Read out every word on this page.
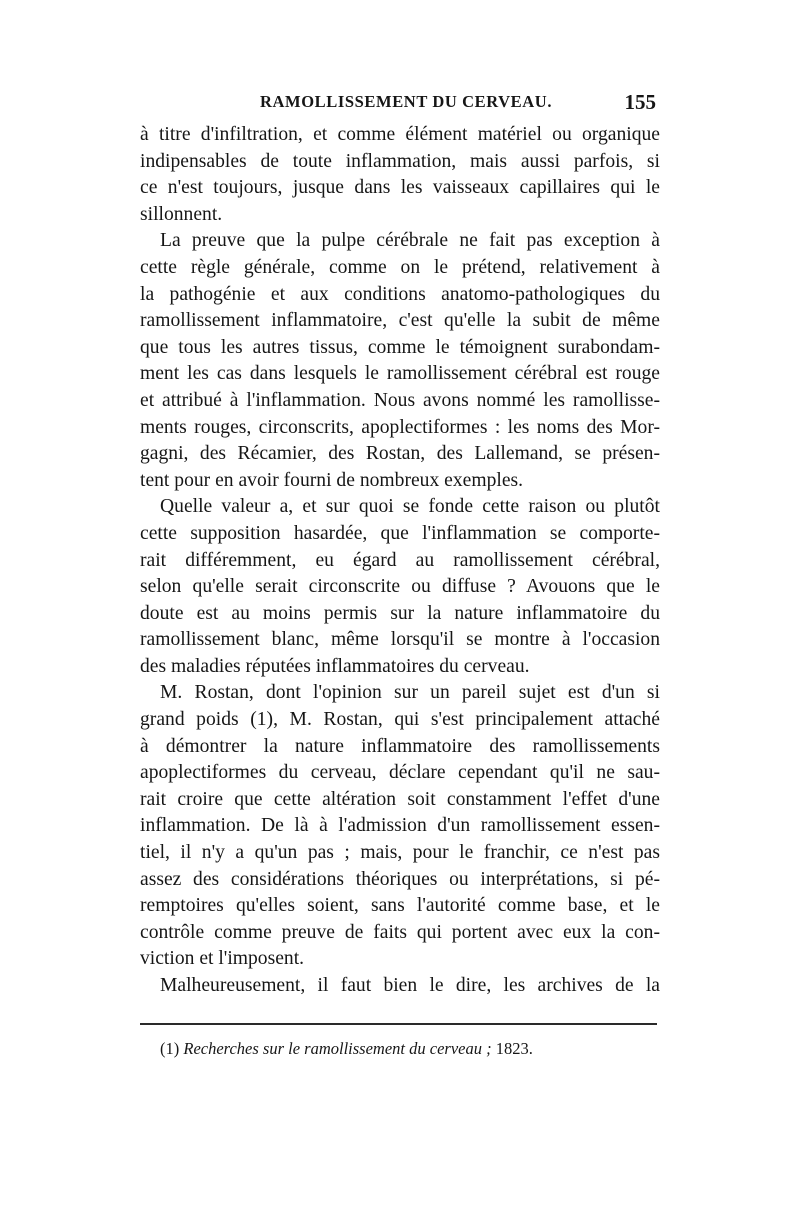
RAMOLLISSEMENT DU CERVEAU.	155
à titre d'infiltration, et comme élément matériel ou organique
indipensables de toute inflammation, mais aussi parfois, si
ce n'est toujours, jusque dans les vaisseaux capillaires qui le
sillonnent.
La preuve que la pulpe cérébrale ne fait pas exception à
cette règle générale, comme on le prétend, relativement à
la pathogénie et aux conditions anatomo-pathologiques du
ramollissement inflammatoire, c'est qu'elle la subit de même
que tous les autres tissus, comme le témoignent surabondam-
ment les cas dans lesquels le ramollissement cérébral est rouge
et attribué à l'inflammation. Nous avons nommé les ramollisse-
ments rouges, circonscrits, apoplectiformes : les noms des Mor-
gagni, des Récamier, des Rostan, des Lallemand, se présen-
tent pour en avoir fourni de nombreux exemples.
Quelle valeur a, et sur quoi se fonde cette raison ou plutôt
cette supposition hasardée, que l'inflammation se comporte-
rait différemment, eu égard au ramollissement cérébral,
selon qu'elle serait circonscrite ou diffuse ? Avouons que le
doute est au moins permis sur la nature inflammatoire du
ramollissement blanc, même lorsqu'il se montre à l'occasion
des maladies réputées inflammatoires du cerveau.
M. Rostan, dont l'opinion sur un pareil sujet est d'un si
grand poids (1), M. Rostan, qui s'est principalement attaché
à démontrer la nature inflammatoire des ramollissements
apoplectiformes du cerveau, déclare cependant qu'il ne sau-
rait croire que cette altération soit constamment l'effet d'une
inflammation. De là à l'admission d'un ramollissement essen-
tiel, il n'y a qu'un pas ; mais, pour le franchir, ce n'est pas
assez des considérations théoriques ou interprétations, si pé-
remptoires qu'elles soient, sans l'autorité comme base, et le
contrôle comme preuve de faits qui portent avec eux la con-
viction et l'imposent.
Malheureusement, il faut bien le dire, les archives de la
(1) Recherches sur le ramollissement du cerveau ; 1823.
